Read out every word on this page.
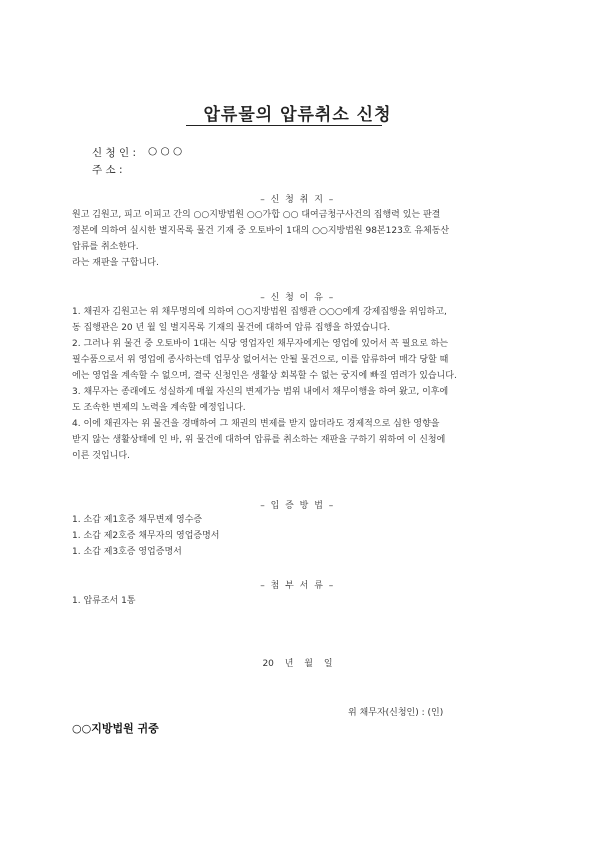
압류물의 압류취소 신청
신 청 인 : ○ ○ ○
주 소 :
– 신 청 취 지 –

원고 김원고, 피고 이피고 간의 ○○지방법원 ○○가합 ○○ 대여금청구사건의 집행력 있는 판결

정본에 의하여 실시한 별지목록 물건 기재 중 오토바이 1대의 ○○지방법원 98본123호 유체동산

압류를 취소한다.

라는 재판을 구합니다.

– 신 청 이 유 –

1. 채권자 김원고는 위 채무명의에 의하여 ○○지방법원 집행관 ○○○에게 강제집행을 위임하고,

동 집행관은 20 년 월 일 별지목록 기재의 물건에 대하여 압류 집행을 하였습니다.

2. 그러나 위 물건 중 오토바이 1대는 식당 영업자인 채무자에게는 영업에 있어서 꼭 필요로 하는

필수품으로서 위 영업에 종사하는데 업무상 없어서는 안될 물건으로, 이를 압류하여 매각 당할 때

에는 영업을 계속할 수 없으며, 결국 신청인은 생활상 회복할 수 없는 궁지에 빠질 염려가 있습니다.

3. 채무자는 종래에도 성실하게 매월 자신의 변제가능 범위 내에서 채무이행을 하여 왔고, 이후에

도 조속한 변제의 노력을 계속할 예정입니다.

4. 이에 채권자는 위 물건을 경매하여 그 채권의 변제를 받지 않더라도 경제적으로 심한 영향을

받지 않는 생활상태에 인 바, 위 물건에 대하여 압류를 취소하는 재판을 구하기 위하여 이 신청에

이른 것입니다.

– 입 증 방 법 –
1. 소갑 제1호증 채무변제 영수증
1. 소갑 제2호증 채무자의 영업증명서
1. 소갑 제3호증 영업증명서
– 첨 부 서 류 –
1. 압류조서 1통
20 년 월 일
위 채무자(신청인) : (인)
○○지방법원 귀중
